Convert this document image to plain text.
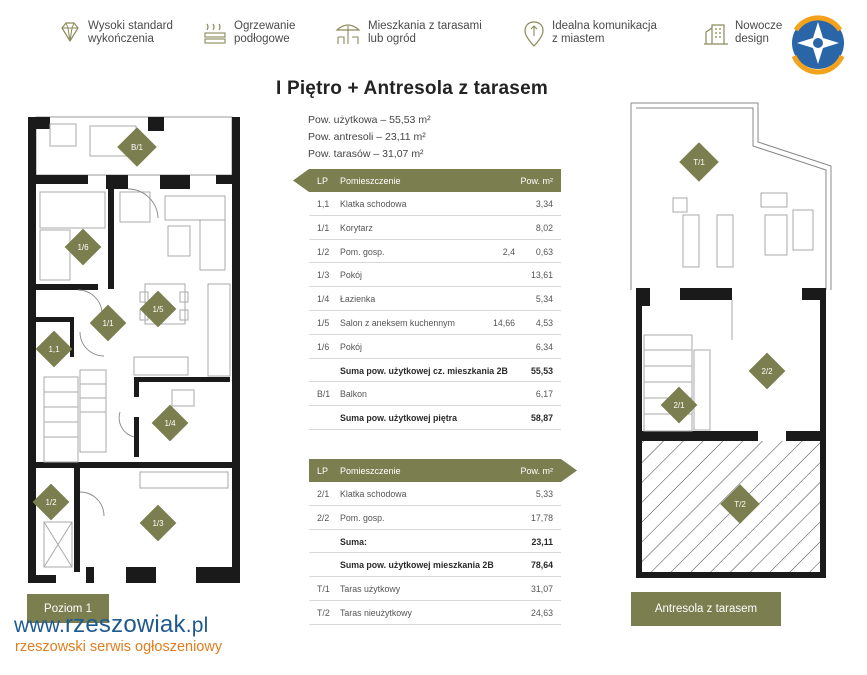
Wysoki standard
wykończenia
Ogrzewanie
podłogowe
Mieszkania z tarasami
lub ogród
Idealna komunikacja
z miastem
Nowocze
design
I Piętro + Antresola z tarasem
Pow. użytkowa – 55,53 m²
Pow. antresoli – 23,11 m²
Pow. tarasów – 31,07 m²
LP Pomieszczenie	Pow. m²
1,1 Klatka schodowa	3,34
1/1 Korytarz	8,02
1/2 Pom. gosp.	2,4 0,63
1/3 Pokój	13,61
1/4 Łazienka	5,34
1/5 Salon z aneksem kuchennym	14,66 4,53
1/6 Pokój	6,34
Suma pow. użytkowej cz. mieszkania 2B	55,53
B/1 Balkon	6,17
Suma pow. użytkowej piętra	58,87
LP Pomieszczenie	Pow. m²
2/1 Klatka schodowa	5,33
2/2 Pom. gosp.	17,78
Suma:	23,11
Suma pow. użytkowej mieszkania 2B	78,64
T/1 Taras użytkowy	31,07
T/2 Taras nieużytkowy	24,63
B/1
1/6
1/1
1/5
1,1
1/4
1/2
1/3
Poziom 1
T/1
2/2
2/1
T/2
Antresola z tarasem
www.rzeszowiak.pl
rzeszowski serwis ogłoszeniowy
